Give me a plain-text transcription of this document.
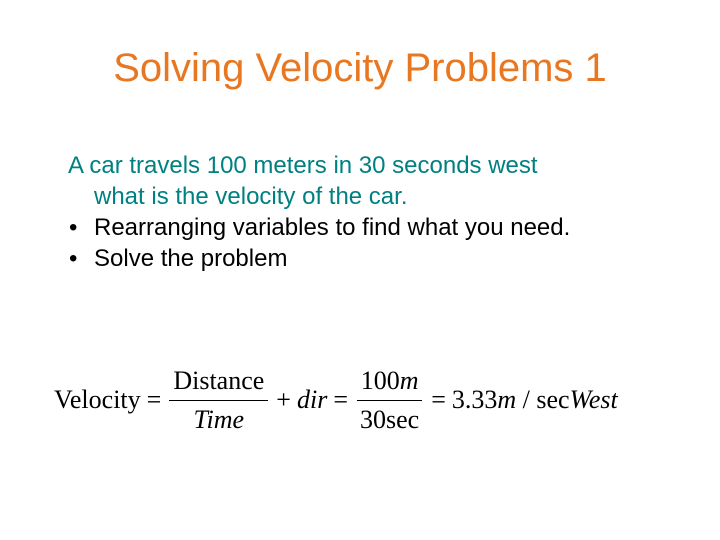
Solving Velocity Problems 1

A car travels 100 meters in 30 seconds west
what is the velocity of the car.

• Rearranging variables to find what you need.
• Solve the problem
Velocity = $\frac{\text{Distance}}{\text{Time}}$ + dir = $\frac{100m}{30\sec} = 3.33m$ / secWest
